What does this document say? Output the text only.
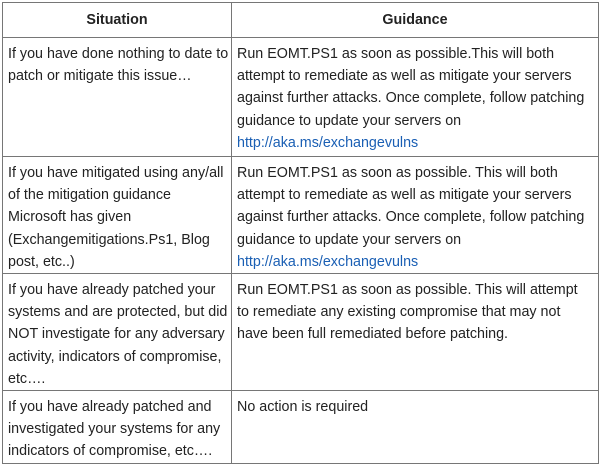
Situation	Guidance
If you have done nothing to date to patch or mitigate this issue…	Run EOMT.PS1 as soon as possible.This will both attempt to remediate as well as mitigate your servers against further attacks. Once complete, follow patching guidance to update your servers on http://aka.ms/exchangevulns
If you have mitigated using any/all of the mitigation guidance Microsoft has given (Exchangemitigations.Ps1, Blog post, etc..)	Run EOMT.PS1 as soon as possible. This will both attempt to remediate as well as mitigate your servers against further attacks. Once complete, follow patching guidance to update your servers on http://aka.ms/exchangevulns
If you have already patched your systems and are protected, but did NOT investigate for any adversary activity, indicators of compromise, etc….	Run EOMT.PS1 as soon as possible. This will attempt to remediate any existing compromise that may not have been full remediated before patching.
If you have already patched and investigated your systems for any indicators of compromise, etc….	No action is required
